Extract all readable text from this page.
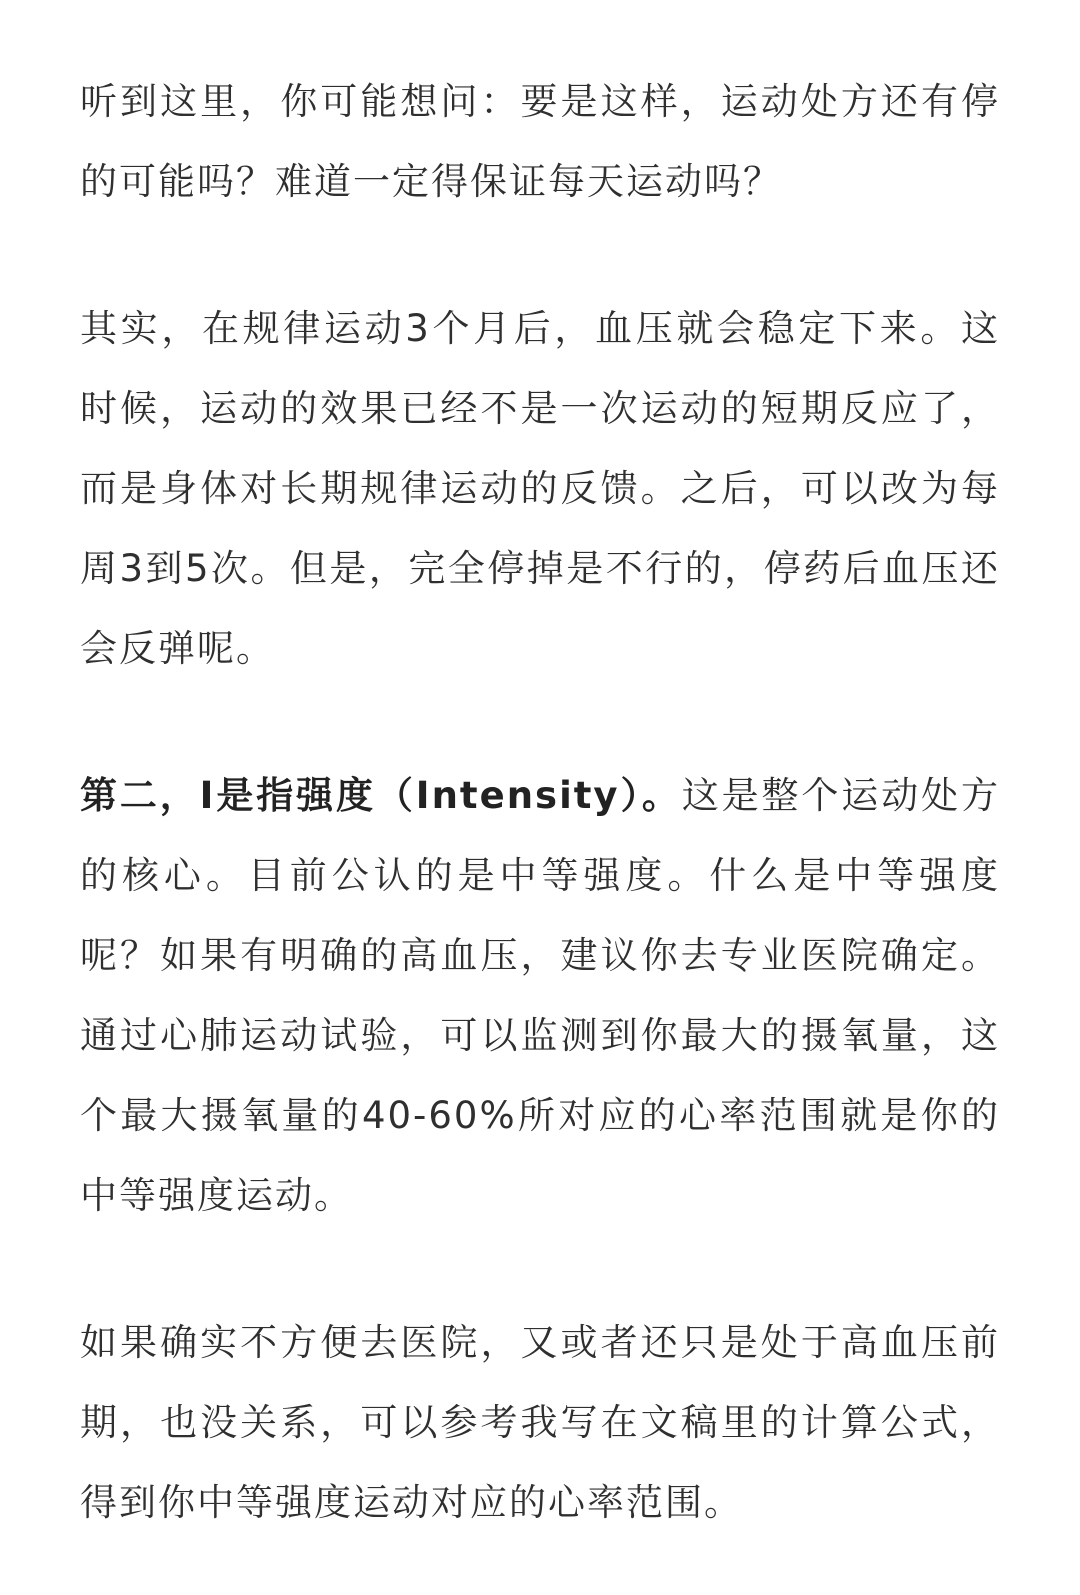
听到这里，你可能想问：要是这样，运动处方还有停的可能吗？难道一定得保证每天运动吗？

其实，在规律运动3个月后，血压就会稳定下来。这时候，运动的效果已经不是一次运动的短期反应了，而是身体对长期规律运动的反馈。之后，可以改为每周3到5次。但是，完全停掉是不行的，停药后血压还会反弹呢。

第二，I是指强度（Intensity）。这是整个运动处方的核心。目前公认的是中等强度。什么是中等强度呢？如果有明确的高血压，建议你去专业医院确定。通过心肺运动试验，可以监测到你最大的摄氧量，这个最大摄氧量的40-60%所对应的心率范围就是你的中等强度运动。

如果确实不方便去医院，又或者还只是处于高血压前期，也没关系，可以参考我写在文稿里的计算公式，得到你中等强度运动对应的心率范围。
